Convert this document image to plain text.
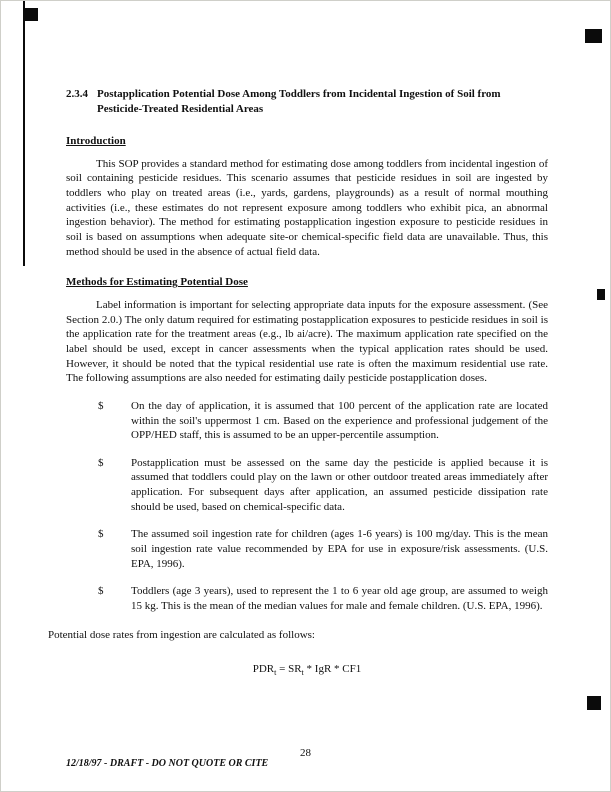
2.3.4 Postapplication Potential Dose Among Toddlers from Incidental Ingestion of Soil from Pesticide-Treated Residential Areas
Introduction

This SOP provides a standard method for estimating dose among toddlers from incidental ingestion of soil containing pesticide residues. This scenario assumes that pesticide residues in soil are ingested by toddlers who play on treated areas (i.e., yards, gardens, playgrounds) as a result of normal mouthing activities (i.e., these estimates do not represent exposure among toddlers who exhibit pica, an abnormal ingestion behavior). The method for estimating postapplication ingestion exposure to pesticide residues in soil is based on assumptions when adequate site-or chemical-specific field data are unavailable. Thus, this method should be used in the absence of actual field data.

Methods for Estimating Potential Dose

Label information is important for selecting appropriate data inputs for the exposure assessment. (See Section 2.0.) The only datum required for estimating postapplication exposures to pesticide residues in soil is the application rate for the treatment areas (e.g., lb ai/acre). The maximum application rate specified on the label should be used, except in cancer assessments when the typical application rates should be used. However, it should be noted that the typical residential use rate is often the maximum residential use rate. The following assumptions are also needed for estimating daily pesticide postapplication doses.

$	On the day of application, it is assumed that 100 percent of the application rate are located within the soil's uppermost 1 cm. Based on the experience and professional judgement of the OPP/HED staff, this is assumed to be an upper-percentile assumption.
$	Postapplication must be assessed on the same day the pesticide is applied because it is assumed that toddlers could play on the lawn or other outdoor treated areas immediately after application. For subsequent days after application, an assumed pesticide dissipation rate should be used, based on chemical-specific data.
$	The assumed soil ingestion rate for children (ages 1-6 years) is 100 mg/day. This is the mean soil ingestion rate value recommended by EPA for use in exposure/risk assessments. (U.S. EPA, 1996).
$	Toddlers (age 3 years), used to represent the 1 to 6 year old age group, are assumed to weigh 15 kg. This is the mean of the median values for male and female children. (U.S. EPA, 1996).
Potential dose rates from ingestion are calculated as follows:
$PDR_t = SR_t$ * IgR * CF1
28
12/18/97 - DRAFT - DO NOT QUOTE OR CITE
